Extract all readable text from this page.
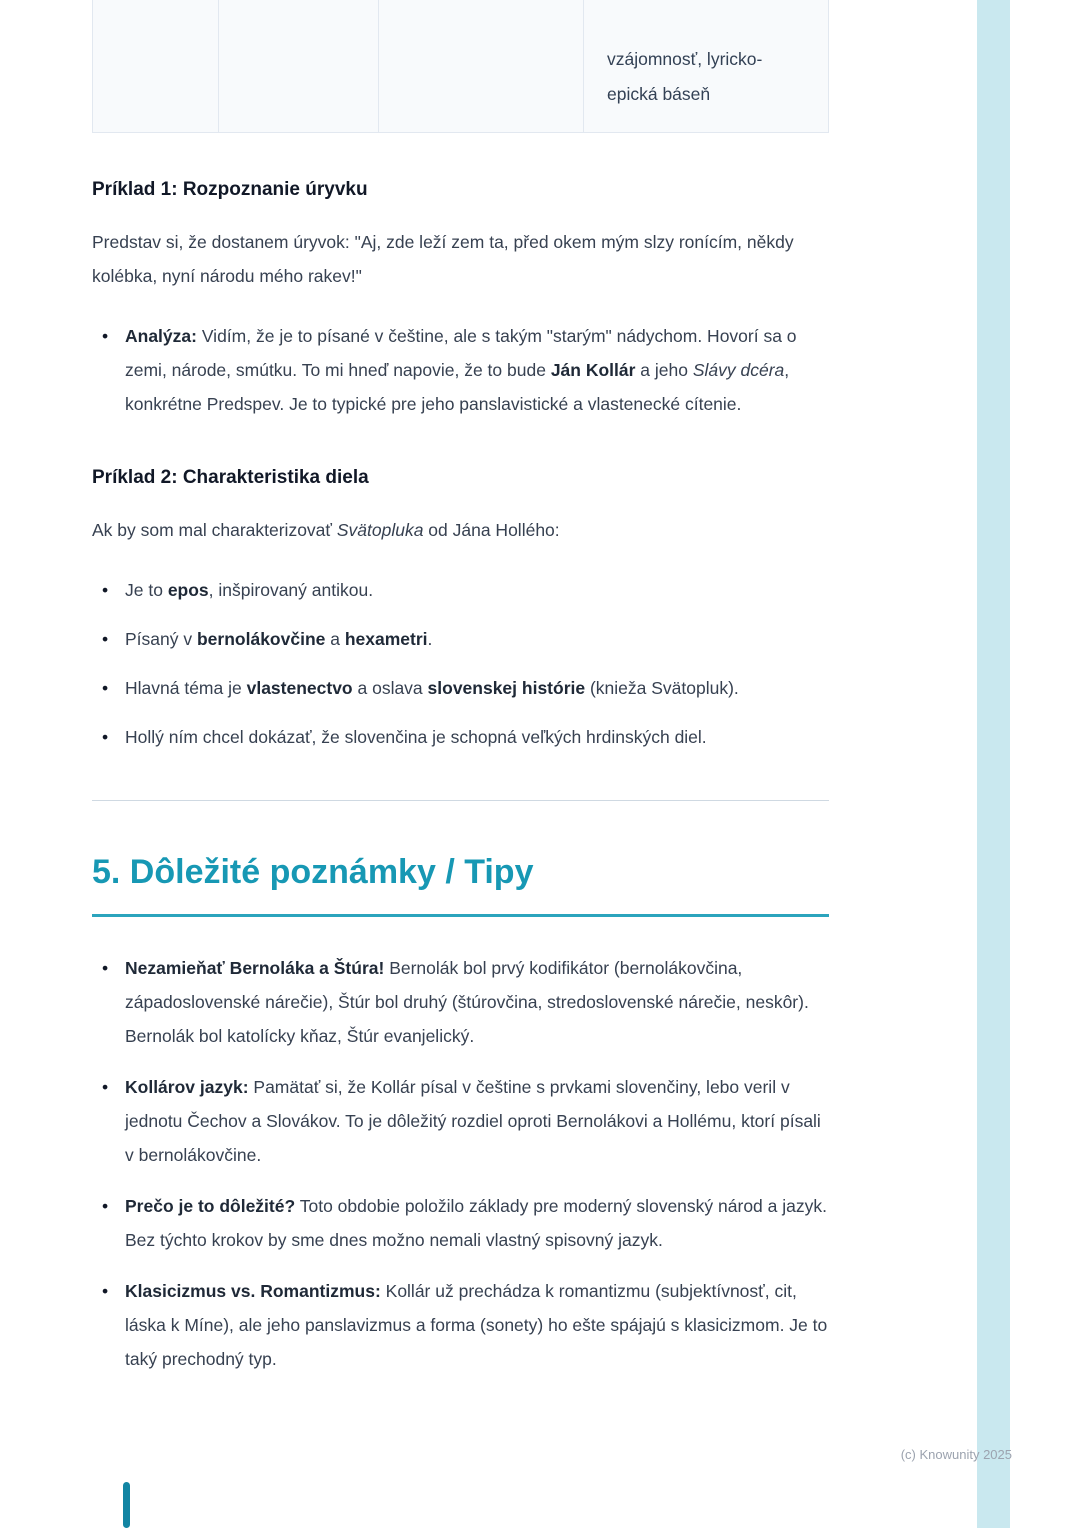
vzájomnosť, lyricko-
epická báseň
Príklad 1: Rozpoznanie úryvku

Predstav si, že dostanem úryvok: "Aj, zde leží zem ta, před okem mým slzy ronícím, někdy kolébka, nyní národu mého rakev!"

• Analýza: Vidím, že je to písané v češtine, ale s takým "starým" nádychom. Hovorí sa o zemi, národe, smútku. To mi hneď napovie, že to bude Ján Kollár a jeho Slávy dcéra, konkrétne Predspev. Je to typické pre jeho panslavistické a vlastenecké cítenie.
Príklad 2: Charakteristika diela

Ak by som mal charakterizovať Svätopluka od Jána Hollého:

• Je to epos, inšpirovaný antikou.
• Písaný v bernolákovčine a hexametri.
• Hlavná téma je vlastenectvo a oslava slovenskej histórie (knieža Svätopluk).
• Hollý ním chcel dokázať, že slovenčina je schopná veľkých hrdinských diel.
5. Dôležité poznámky / Tipy
• Nezamieňať Bernoláka a Štúra! Bernolák bol prvý kodifikátor (bernolákovčina, západoslovenské nárečie), Štúr bol druhý (štúrovčina, stredoslovenské nárečie, neskôr). Bernolák bol katolícky kňaz, Štúr evanjelický.
• Kollárov jazyk: Pamätať si, že Kollár písal v češtine s prvkami slovenčiny, lebo veril v jednotu Čechov a Slovákov. To je dôležitý rozdiel oproti Bernolákovi a Hollému, ktorí písali v bernolákovčine.
• Prečo je to dôležité? Toto obdobie položilo základy pre moderný slovenský národ a jazyk. Bez týchto krokov by sme dnes možno nemali vlastný spisovný jazyk.
• Klasicizmus vs. Romantizmus: Kollár už prechádza k romantizmu (subjektívnosť, cit, láska k Míne), ale jeho panslavizmus a forma (sonety) ho ešte spájajú s klasicizmom. Je to taký prechodný typ.
(c) Knowunity 2025
